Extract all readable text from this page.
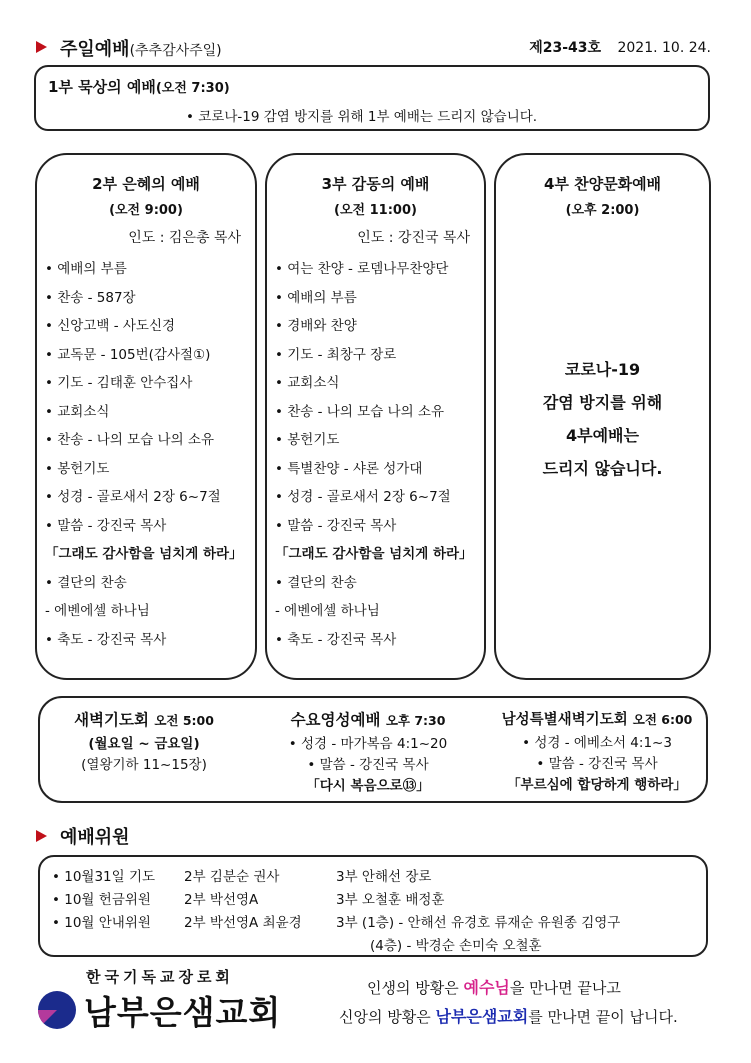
주일예배(추추감사주일)	제23-43호 2021. 10. 24.
1부 묵상의 예배(오전 7:30)
• 코로나-19 감염 방지를 위해 1부 예배는 드리지 않습니다.
2부 은혜의 예배
(오전 9:00)
인도 : 김은총 목사
• 예배의 부름
• 찬송 - 587장
• 신앙고백 - 사도신경
• 교독문 - 105번(감사절①)
• 기도 - 김태훈 안수집사
• 교회소식
• 찬송 - 나의 모습 나의 소유
• 봉헌기도
• 성경 - 골로새서 2장 6~7절
• 말씀 - 강진국 목사
「그래도 감사함을 넘치게 하라」
• 결단의 찬송
- 에벤에셀 하나님
• 축도 - 강진국 목사
3부 감동의 예배
(오전 11:00)
인도 : 강진국 목사
• 여는 찬양 - 로뎀나무찬양단
• 예배의 부름
• 경배와 찬양
• 기도 - 최창구 장로
• 교회소식
• 찬송 - 나의 모습 나의 소유
• 봉헌기도
• 특별찬양 - 샤론 성가대
• 성경 - 골로새서 2장 6~7절
• 말씀 - 강진국 목사
「그래도 감사함을 넘치게 하라」
• 결단의 찬송
- 에벤에셀 하나님
• 축도 - 강진국 목사
4부 찬양문화예배
(오후 2:00)
코로나-19
감염 방지를 위해
4부예배는
드리지 않습니다.
새벽기도회 오전 5:00
(월요일 ~ 금요일)
(열왕기하 11~15장)
수요영성예배 오후 7:30
• 성경 - 마가복음 4:1~20
• 말씀 - 강진국 목사
「다시 복음으로⑬」
남성특별새벽기도회 오전 6:00
• 성경 - 에베소서 4:1~3
• 말씀 - 강진국 목사
「부르심에 합당하게 행하라」
예배위원
• 10월31일 기도 2부 김분순 권사	3부 안해선 장로
• 10월 헌금위원 2부 박선영A	3부 오철훈 배정훈
• 10월 안내위원 2부 박선영A 최윤경	3부 (1층) - 안해선 유경호 류재순 유원종 김영구
(4층) - 박경순 손미숙 오철훈
한국기독교장로회
남부은샘교회
인생의 방황은 예수님을 만나면 끝나고
신앙의 방황은 남부은샘교회를 만나면 끝이 납니다.
